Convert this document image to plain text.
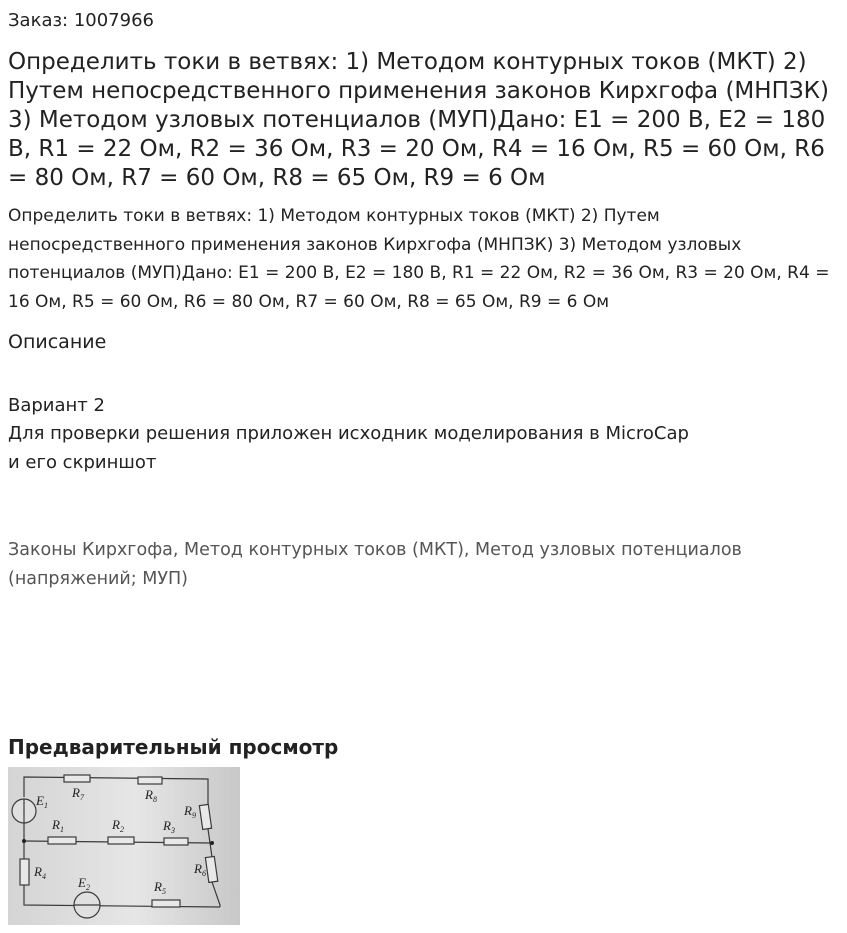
Заказ: 1007966
Определить токи в ветвях: 1) Методом контурных токов (МКТ) 2) Путем непосредственного применения законов Кирхгофа (МНПЗК) 3) Методом узловых потенциалов (МУП)Дано: E1 = 200 В, E2 = 180 В, R1 = 22 Ом, R2 = 36 Ом, R3 = 20 Ом, R4 = 16 Ом, R5 = 60 Ом, R6 = 80 Ом, R7 = 60 Ом, R8 = 65 Ом, R9 = 6 Ом
Определить токи в ветвях: 1) Методом контурных токов (МКТ) 2) Путем непосредственного применения законов Кирхгофа (МНПЗК) 3) Методом узловых потенциалов (МУП)Дано: E1 = 200 В, E2 = 180 В, R1 = 22 Ом, R2 = 36 Ом, R3 = 20 Ом, R4 = 16 Ом, R5 = 60 Ом, R6 = 80 Ом, R7 = 60 Ом, R8 = 65 Ом, R9 = 6 Ом
Описание
Вариант 2
Для проверки решения приложен исходник моделирования в MicroCap
и его скриншот
Законы Кирхгофа, Метод контурных токов (МКТ), Метод узловых потенциалов (напряжений; МУП)
Предварительный просмотр
$E_1$
$R_7$	$R_8$
$R_9$
$R_1$	$R_2$	$R_3$
$R_4$
$R_6$
$E_2$	$R_5$
